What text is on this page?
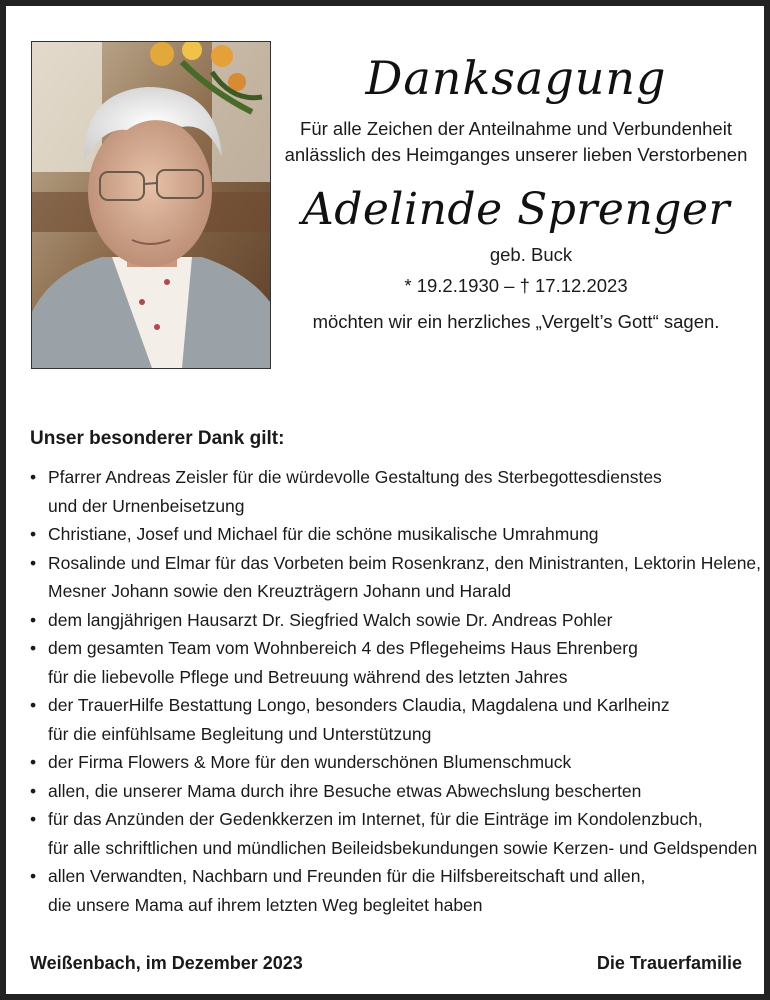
Danksagung
Für alle Zeichen der Anteilnahme und Verbundenheit
anlässlich des Heimganges unserer lieben Verstorbenen
Adelinde Sprenger
geb. Buck
* 19.2.1930 – † 17.12.2023
möchten wir ein herzliches „Vergelt’s Gott“ sagen.
Unser besonderer Dank gilt:
• Pfarrer Andreas Zeisler für die würdevolle Gestaltung des Sterbegottesdienstes
und der Urnenbeisetzung
• Christiane, Josef und Michael für die schöne musikalische Umrahmung
• Rosalinde und Elmar für das Vorbeten beim Rosenkranz, den Ministranten, Lektorin Helene,
Mesner Johann sowie den Kreuzträgern Johann und Harald
• dem langjährigen Hausarzt Dr. Siegfried Walch sowie Dr. Andreas Pohler
• dem gesamten Team vom Wohnbereich 4 des Pflegeheims Haus Ehrenberg
für die liebevolle Pflege und Betreuung während des letzten Jahres
• der TrauerHilfe Bestattung Longo, besonders Claudia, Magdalena und Karlheinz
für die einfühlsame Begleitung und Unterstützung
• der Firma Flowers & More für den wunderschönen Blumenschmuck
• allen, die unserer Mama durch ihre Besuche etwas Abwechslung bescherten
• für das Anzünden der Gedenkkerzen im Internet, für die Einträge im Kondolenzbuch,
für alle schriftlichen und mündlichen Beileidsbekundungen sowie Kerzen- und Geldspenden
• allen Verwandten, Nachbarn und Freunden für die Hilfsbereitschaft und allen,
die unsere Mama auf ihrem letzten Weg begleitet haben
Weißenbach, im Dezember 2023	Die Trauerfamilie
